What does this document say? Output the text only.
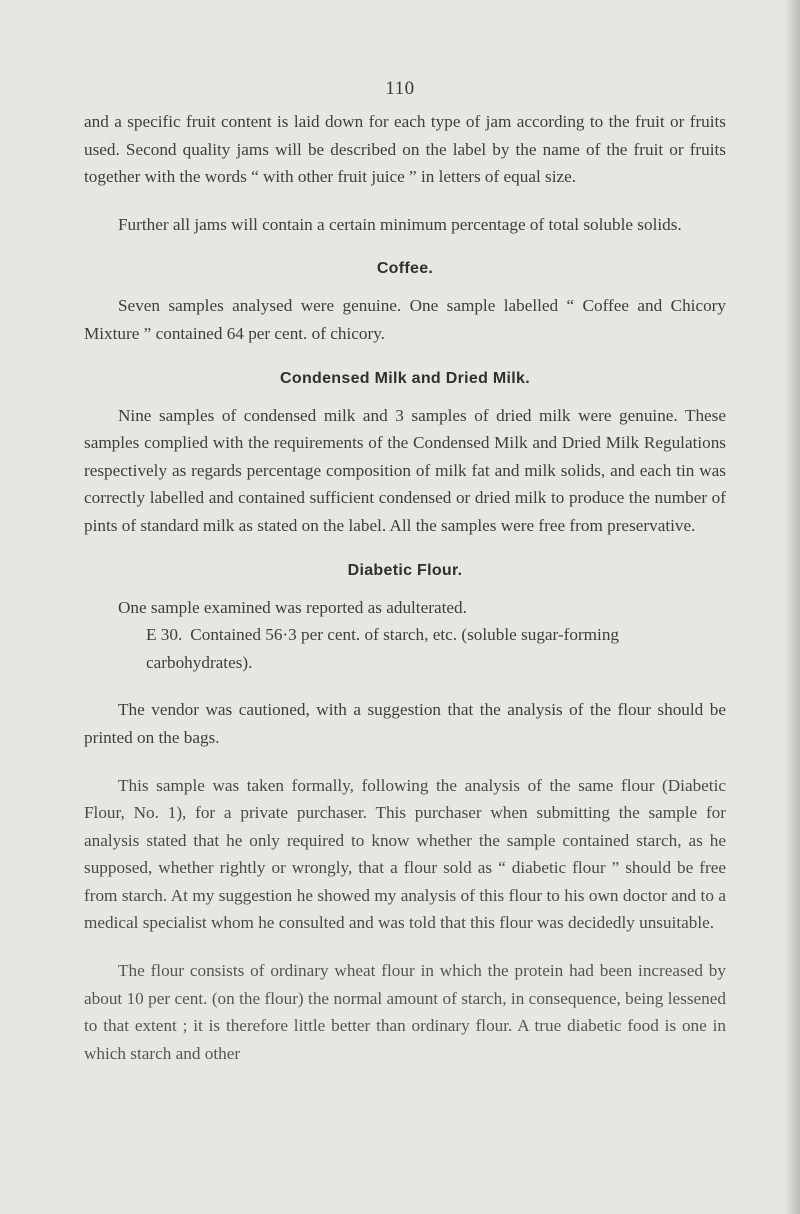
110

and a specific fruit content is laid down for each type of jam according to the fruit or fruits used. Second quality jams will be described on the label by the name of the fruit or fruits together with the words “ with other fruit juice ” in letters of equal size.

Further all jams will contain a certain minimum percentage of total soluble solids.

Coffee.

Seven samples analysed were genuine. One sample labelled “ Coffee and Chicory Mixture ” contained 64 per cent. of chicory.

Condensed Milk and Dried Milk.

Nine samples of condensed milk and 3 samples of dried milk were genuine. These samples complied with the requirements of the Condensed Milk and Dried Milk Regulations respectively as regards percentage composition of milk fat and milk solids, and each tin was correctly labelled and contained sufficient condensed or dried milk to produce the number of pints of standard milk as stated on the label. All the samples were free from preservative.

Diabetic Flour.

One sample examined was reported as adulterated.

E 30. Contained 56·3 per cent. of starch, etc. (soluble sugar-forming

carbohydrates).

The vendor was cautioned, with a suggestion that the analysis of the flour should be printed on the bags.

This sample was taken formally, following the analysis of the same flour (Diabetic Flour, No. 1), for a private purchaser. This purchaser when submitting the sample for analysis stated that he only required to know whether the sample contained starch, as he supposed, whether rightly or wrongly, that a flour sold as “ diabetic flour ” should be free from starch. At my suggestion he showed my analysis of this flour to his own doctor and to a medical specialist whom he consulted and was told that this flour was decidedly unsuitable.

The flour consists of ordinary wheat flour in which the protein had been increased by about 10 per cent. (on the flour) the normal amount of starch, in consequence, being lessened to that extent ; it is therefore little better than ordinary flour. A true diabetic food is one in which starch and other
